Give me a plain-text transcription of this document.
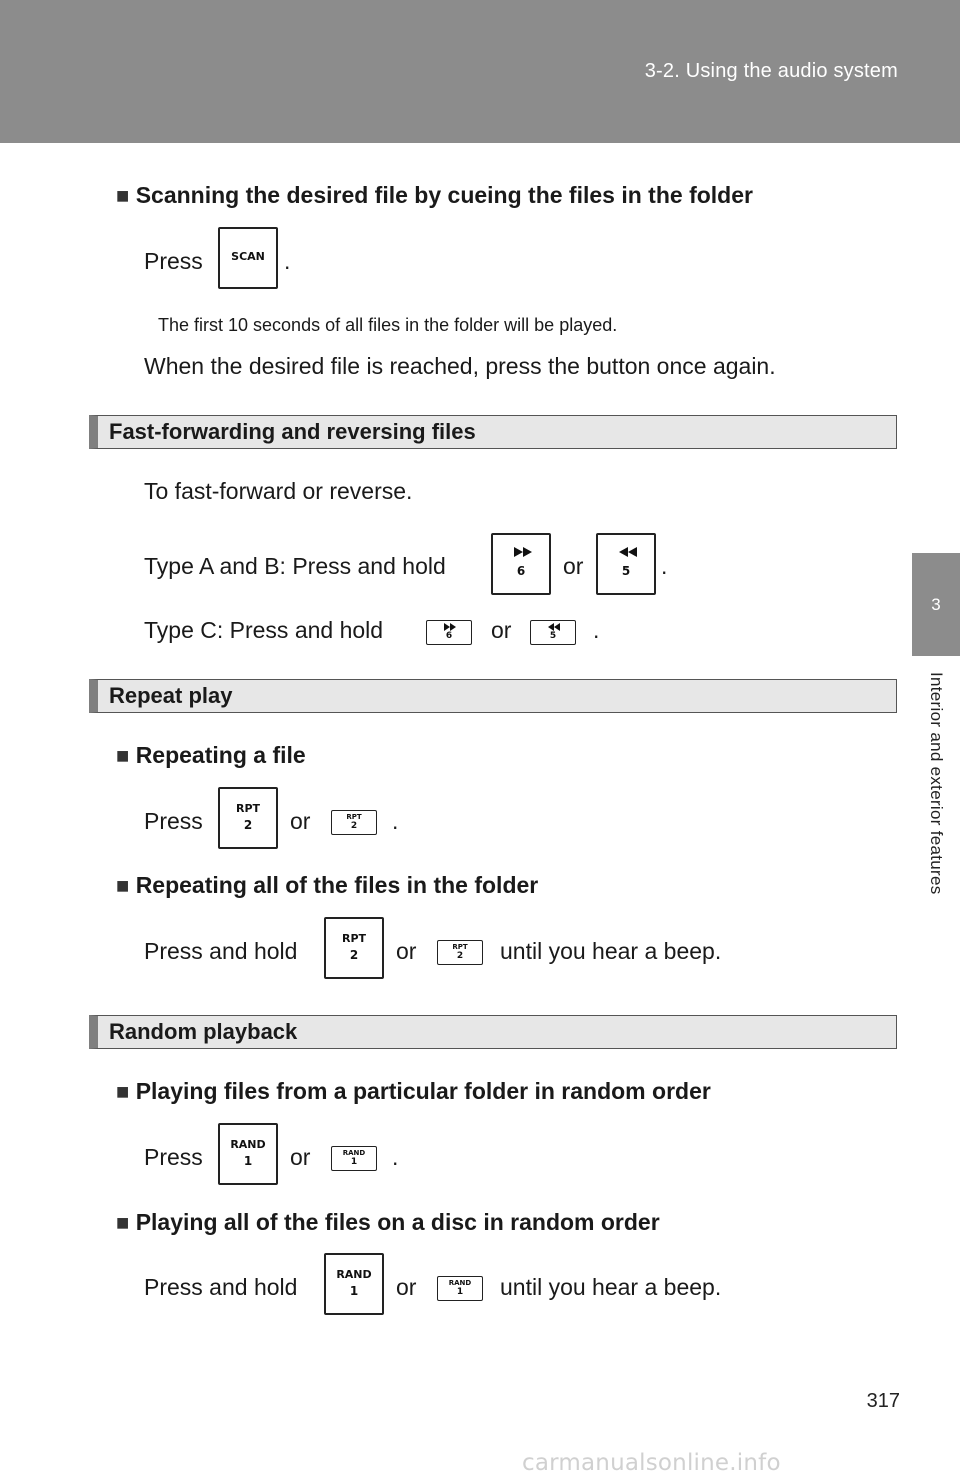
3-2. Using the audio system
3
Interior and exterior features
■ Scanning the desired file by cueing the files in the folder
Press	SCAN .
The first 10 seconds of all files in the folder will be played.
When the desired file is reached, press the button once again.
Fast-forwarding and reversing files
To fast-forward or reverse.
Type A and B: Press and hold	6	or	5	.
Type C: Press and hold	6	or	5	.
Repeat play
■ Repeating a file
Press	RPT
2	or	RPT
2	.
■ Repeating all of the files in the folder
Press and hold	RPT
2	or	RPT
2	until you hear a beep.
Random playback
■ Playing files from a particular folder in random order
Press	RAND
1	or	RAND
1	.
■ Playing all of the files on a disc in random order
Press and hold	RAND
1	or	RAND
1	until you hear a beep.
317
carmanualsonline.info
